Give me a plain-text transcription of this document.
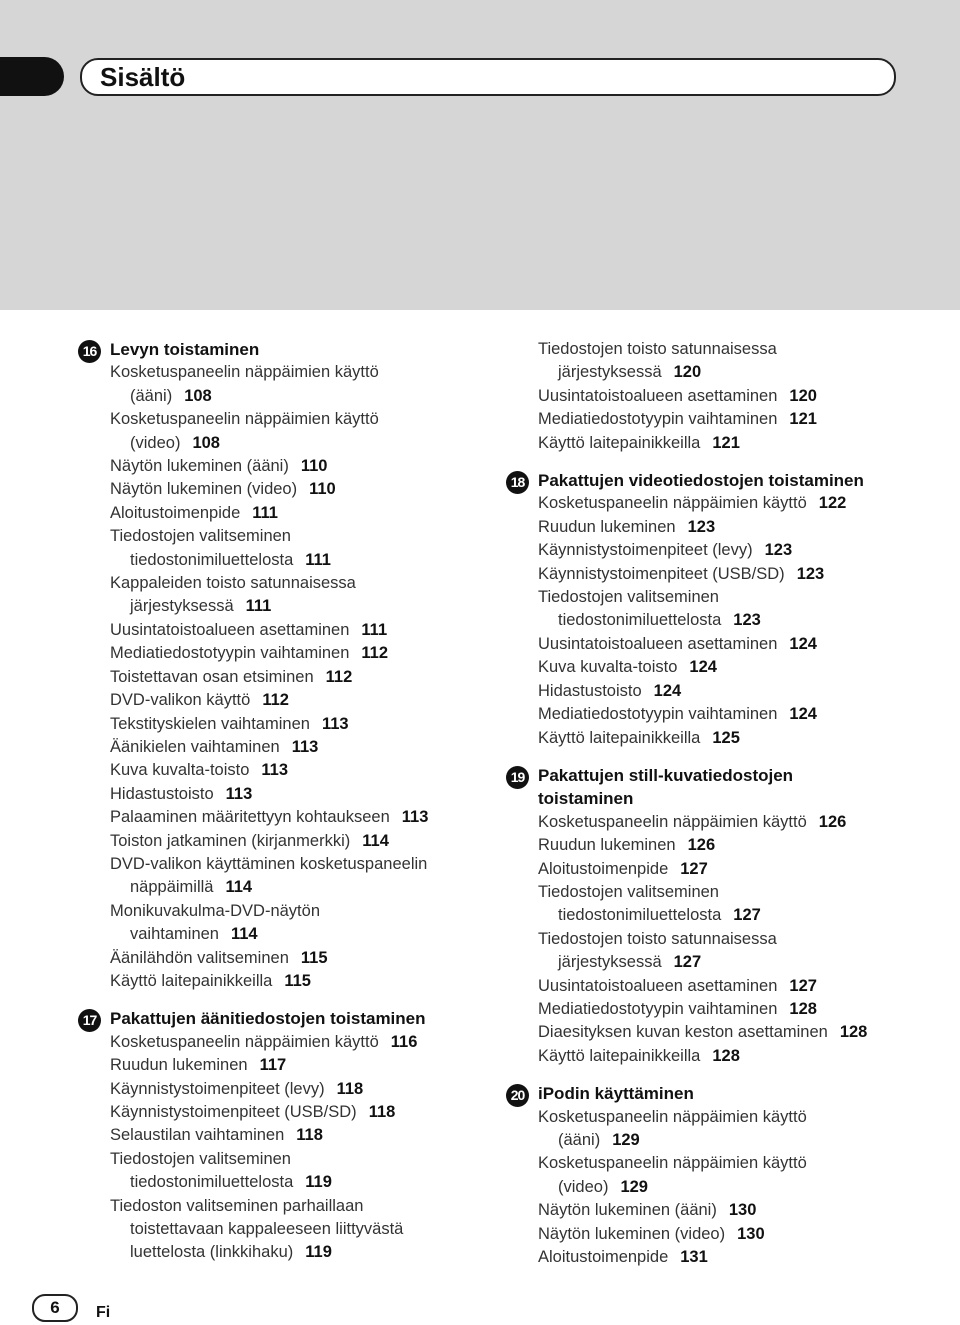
Sisältö
16 Levyn toistaminen
Kosketuspaneelin näppäimien käyttö
(ääni) 108
Kosketuspaneelin näppäimien käyttö
(video) 108
Näytön lukeminen (ääni) 110
Näytön lukeminen (video) 110
Aloitustoimenpide 111
Tiedostojen valitseminen
tiedostonimiluettelosta 111
Kappaleiden toisto satunnaisessa
järjestyksessä 111
Uusintatoistoalueen asettaminen 111
Mediatiedostotyypin vaihtaminen 112
Toistettavan osan etsiminen 112
DVD-valikon käyttö 112
Tekstityskielen vaihtaminen 113
Äänikielen vaihtaminen 113
Kuva kuvalta-toisto 113
Hidastustoisto 113
Palaaminen määritettyyn kohtaukseen 113
Toiston jatkaminen (kirjanmerkki) 114
DVD-valikon käyttäminen kosketuspaneelin
näppäimillä 114
Monikuvakulma-DVD-näytön
vaihtaminen 114
Äänilähdön valitseminen 115
Käyttö laitepainikkeilla 115
17 Pakattujen äänitiedostojen toistaminen
Kosketuspaneelin näppäimien käyttö 116
Ruudun lukeminen 117
Käynnistystoimenpiteet (levy) 118
Käynnistystoimenpiteet (USB/SD) 118
Selaustilan vaihtaminen 118
Tiedostojen valitseminen
tiedostonimiluettelosta 119
Tiedoston valitseminen parhaillaan
toistettavaan kappaleeseen liittyvästä
luettelosta (linkkihaku) 119
Tiedostojen toisto satunnaisessa
järjestyksessä 120
Uusintatoistoalueen asettaminen 120
Mediatiedostotyypin vaihtaminen 121
Käyttö laitepainikkeilla 121
18 Pakattujen videotiedostojen toistaminen
Kosketuspaneelin näppäimien käyttö 122
Ruudun lukeminen 123
Käynnistystoimenpiteet (levy) 123
Käynnistystoimenpiteet (USB/SD) 123
Tiedostojen valitseminen
tiedostonimiluettelosta 123
Uusintatoistoalueen asettaminen 124
Kuva kuvalta-toisto 124
Hidastustoisto 124
Mediatiedostotyypin vaihtaminen 124
Käyttö laitepainikkeilla 125
19 Pakattujen still-kuvatiedostojen
toistaminen
Kosketuspaneelin näppäimien käyttö 126
Ruudun lukeminen 126
Aloitustoimenpide 127
Tiedostojen valitseminen
tiedostonimiluettelosta 127
Tiedostojen toisto satunnaisessa
järjestyksessä 127
Uusintatoistoalueen asettaminen 127
Mediatiedostotyypin vaihtaminen 128
Diaesityksen kuvan keston asettaminen 128
Käyttö laitepainikkeilla 128
20 iPodin käyttäminen
Kosketuspaneelin näppäimien käyttö
(ääni) 129
Kosketuspaneelin näppäimien käyttö
(video) 129
Näytön lukeminen (ääni) 130
Näytön lukeminen (video) 130
Aloitustoimenpide 131
6	Fi
